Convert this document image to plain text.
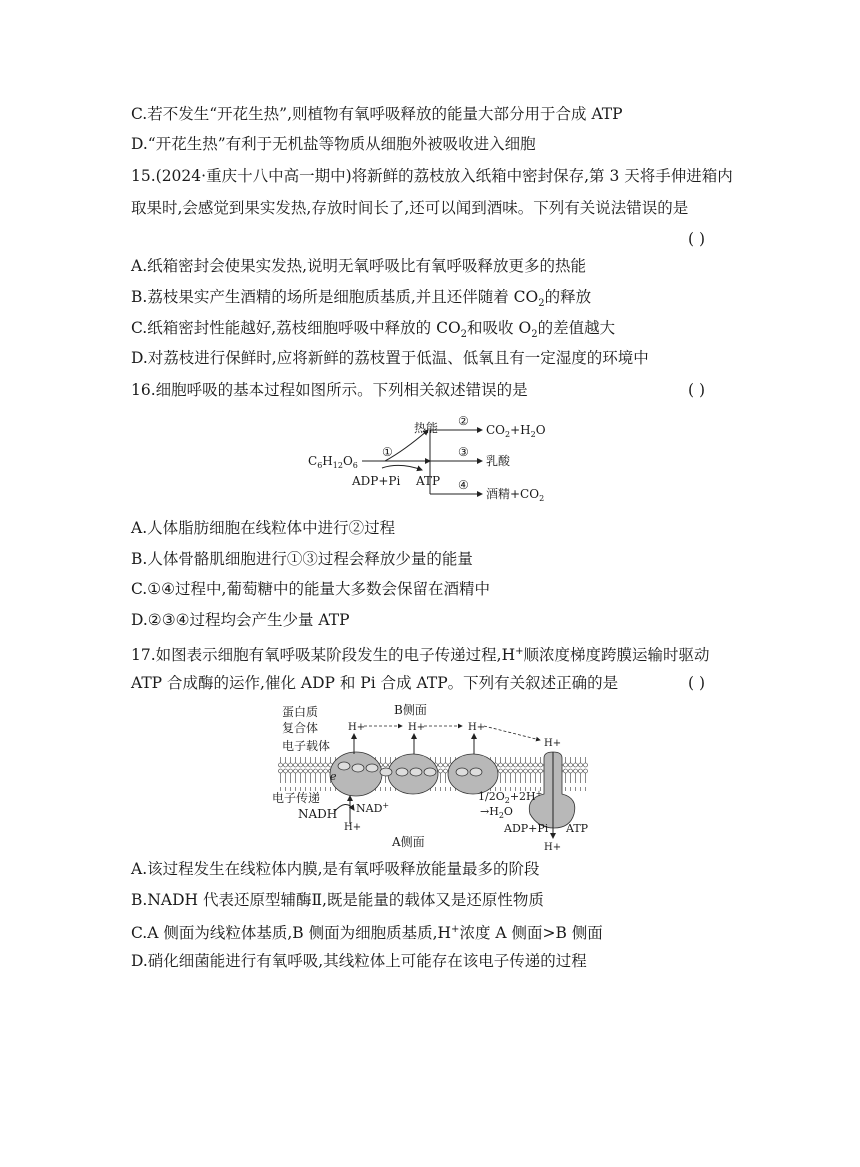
C.若不发生“开花生热”,则植物有氧呼吸释放的能量大部分用于合成 ATP
D.“开花生热”有利于无机盐等物质从细胞外被吸收进入细胞
15.(2024·重庆十八中高一期中)将新鲜的荔枝放入纸箱中密封保存,第 3 天将手伸进箱内
取果时,会感觉到果实发热,存放时间长了,还可以闻到酒味。下列有关说法错误的是
( )
A.纸箱密封会使果实发热,说明无氧呼吸比有氧呼吸释放更多的热能
B.荔枝果实产生酒精的场所是细胞质基质,并且还伴随着 $CO_2$的释放
C.纸箱密封性能越好,荔枝细胞呼吸中释放的 $CO_2$和吸收 $O_2$的差值越大
D.对荔枝进行保鲜时,应将新鲜的荔枝置于低温、低氧且有一定湿度的环境中
16.细胞呼吸的基本过程如图所示。下列相关叙述错误的是	( )
$C_6H_{12}O_6$
①
热能
ADP+Pi ATP
②
③
④
$CO_2+H_2O$
乳酸
酒精$+CO_2$
A.人体脂肪细胞在线粒体中进行②过程
B.人体骨骼肌细胞进行①③过程会释放少量的能量
C.①④过程中,葡萄糖中的能量大多数会保留在酒精中
D.②③④过程均会产生少量 ATP
17.如图表示细胞有氧呼吸某阶段发生的电子传递过程,H+顺浓度梯度跨膜运输时驱动
ATP 合成酶的运作,催化 ADP 和 Pi 合成 ATP。下列有关叙述正确的是	( )
蛋白质
复合体
电子载体
B侧面
H+	H+	H+
H+
e
电子传递
NADH NAD+
H+
$1/2O_2+2H^+$
$\to H_2O$
H+
ADP+Pi ATP
A侧面
A.该过程发生在线粒体内膜,是有氧呼吸释放能量最多的阶段
B.NADH 代表还原型辅酶Ⅱ,既是能量的载体又是还原性物质
C.A 侧面为线粒体基质,B 侧面为细胞质基质,H+浓度 A 侧面>B 侧面
D.硝化细菌能进行有氧呼吸,其线粒体上可能存在该电子传递的过程
